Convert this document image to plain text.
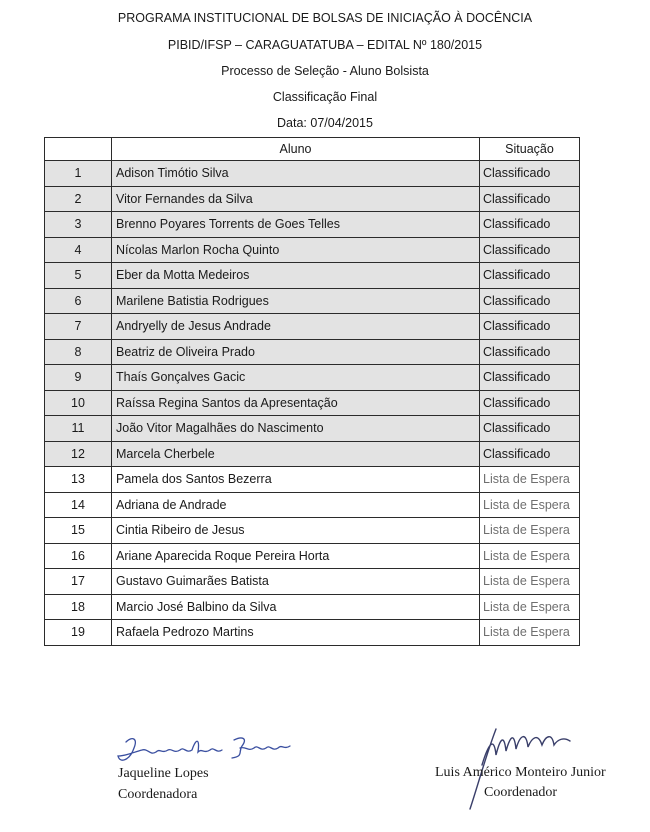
PROGRAMA INSTITUCIONAL DE BOLSAS DE INICIAÇÃO À DOCÊNCIA
PIBID/IFSP – CARAGUATATUBA – EDITAL Nº 180/2015
Processo de Seleção - Aluno Bolsista
Classificação Final
Data: 07/04/2015
	Aluno	Situação
1	Adison Timótio Silva	Classificado
2	Vitor Fernandes da Silva	Classificado
3	Brenno Poyares Torrents de Goes Telles	Classificado
4	Nícolas Marlon Rocha Quinto	Classificado
5	Eber da Motta Medeiros	Classificado
6	Marilene Batistia Rodrigues	Classificado
7	Andryelly de Jesus Andrade	Classificado
8	Beatriz de Oliveira Prado	Classificado
9	Thaís Gonçalves Gacic	Classificado
10	Raíssa Regina Santos da Apresentação	Classificado
11	João Vitor Magalhães do Nascimento	Classificado
12	Marcela Cherbele	Classificado
13	Pamela dos Santos Bezerra	Lista de Espera
14	Adriana de Andrade	Lista de Espera
15	Cintia Ribeiro de Jesus	Lista de Espera
16	Ariane Aparecida Roque Pereira Horta	Lista de Espera
17	Gustavo Guimarães Batista	Lista de Espera
18	Marcio José Balbino da Silva	Lista de Espera
19	Rafaela Pedrozo Martins	Lista de Espera
Jaqueline Lopes
Coordenadora
Luis Américo Monteiro Junior
Coordenador
